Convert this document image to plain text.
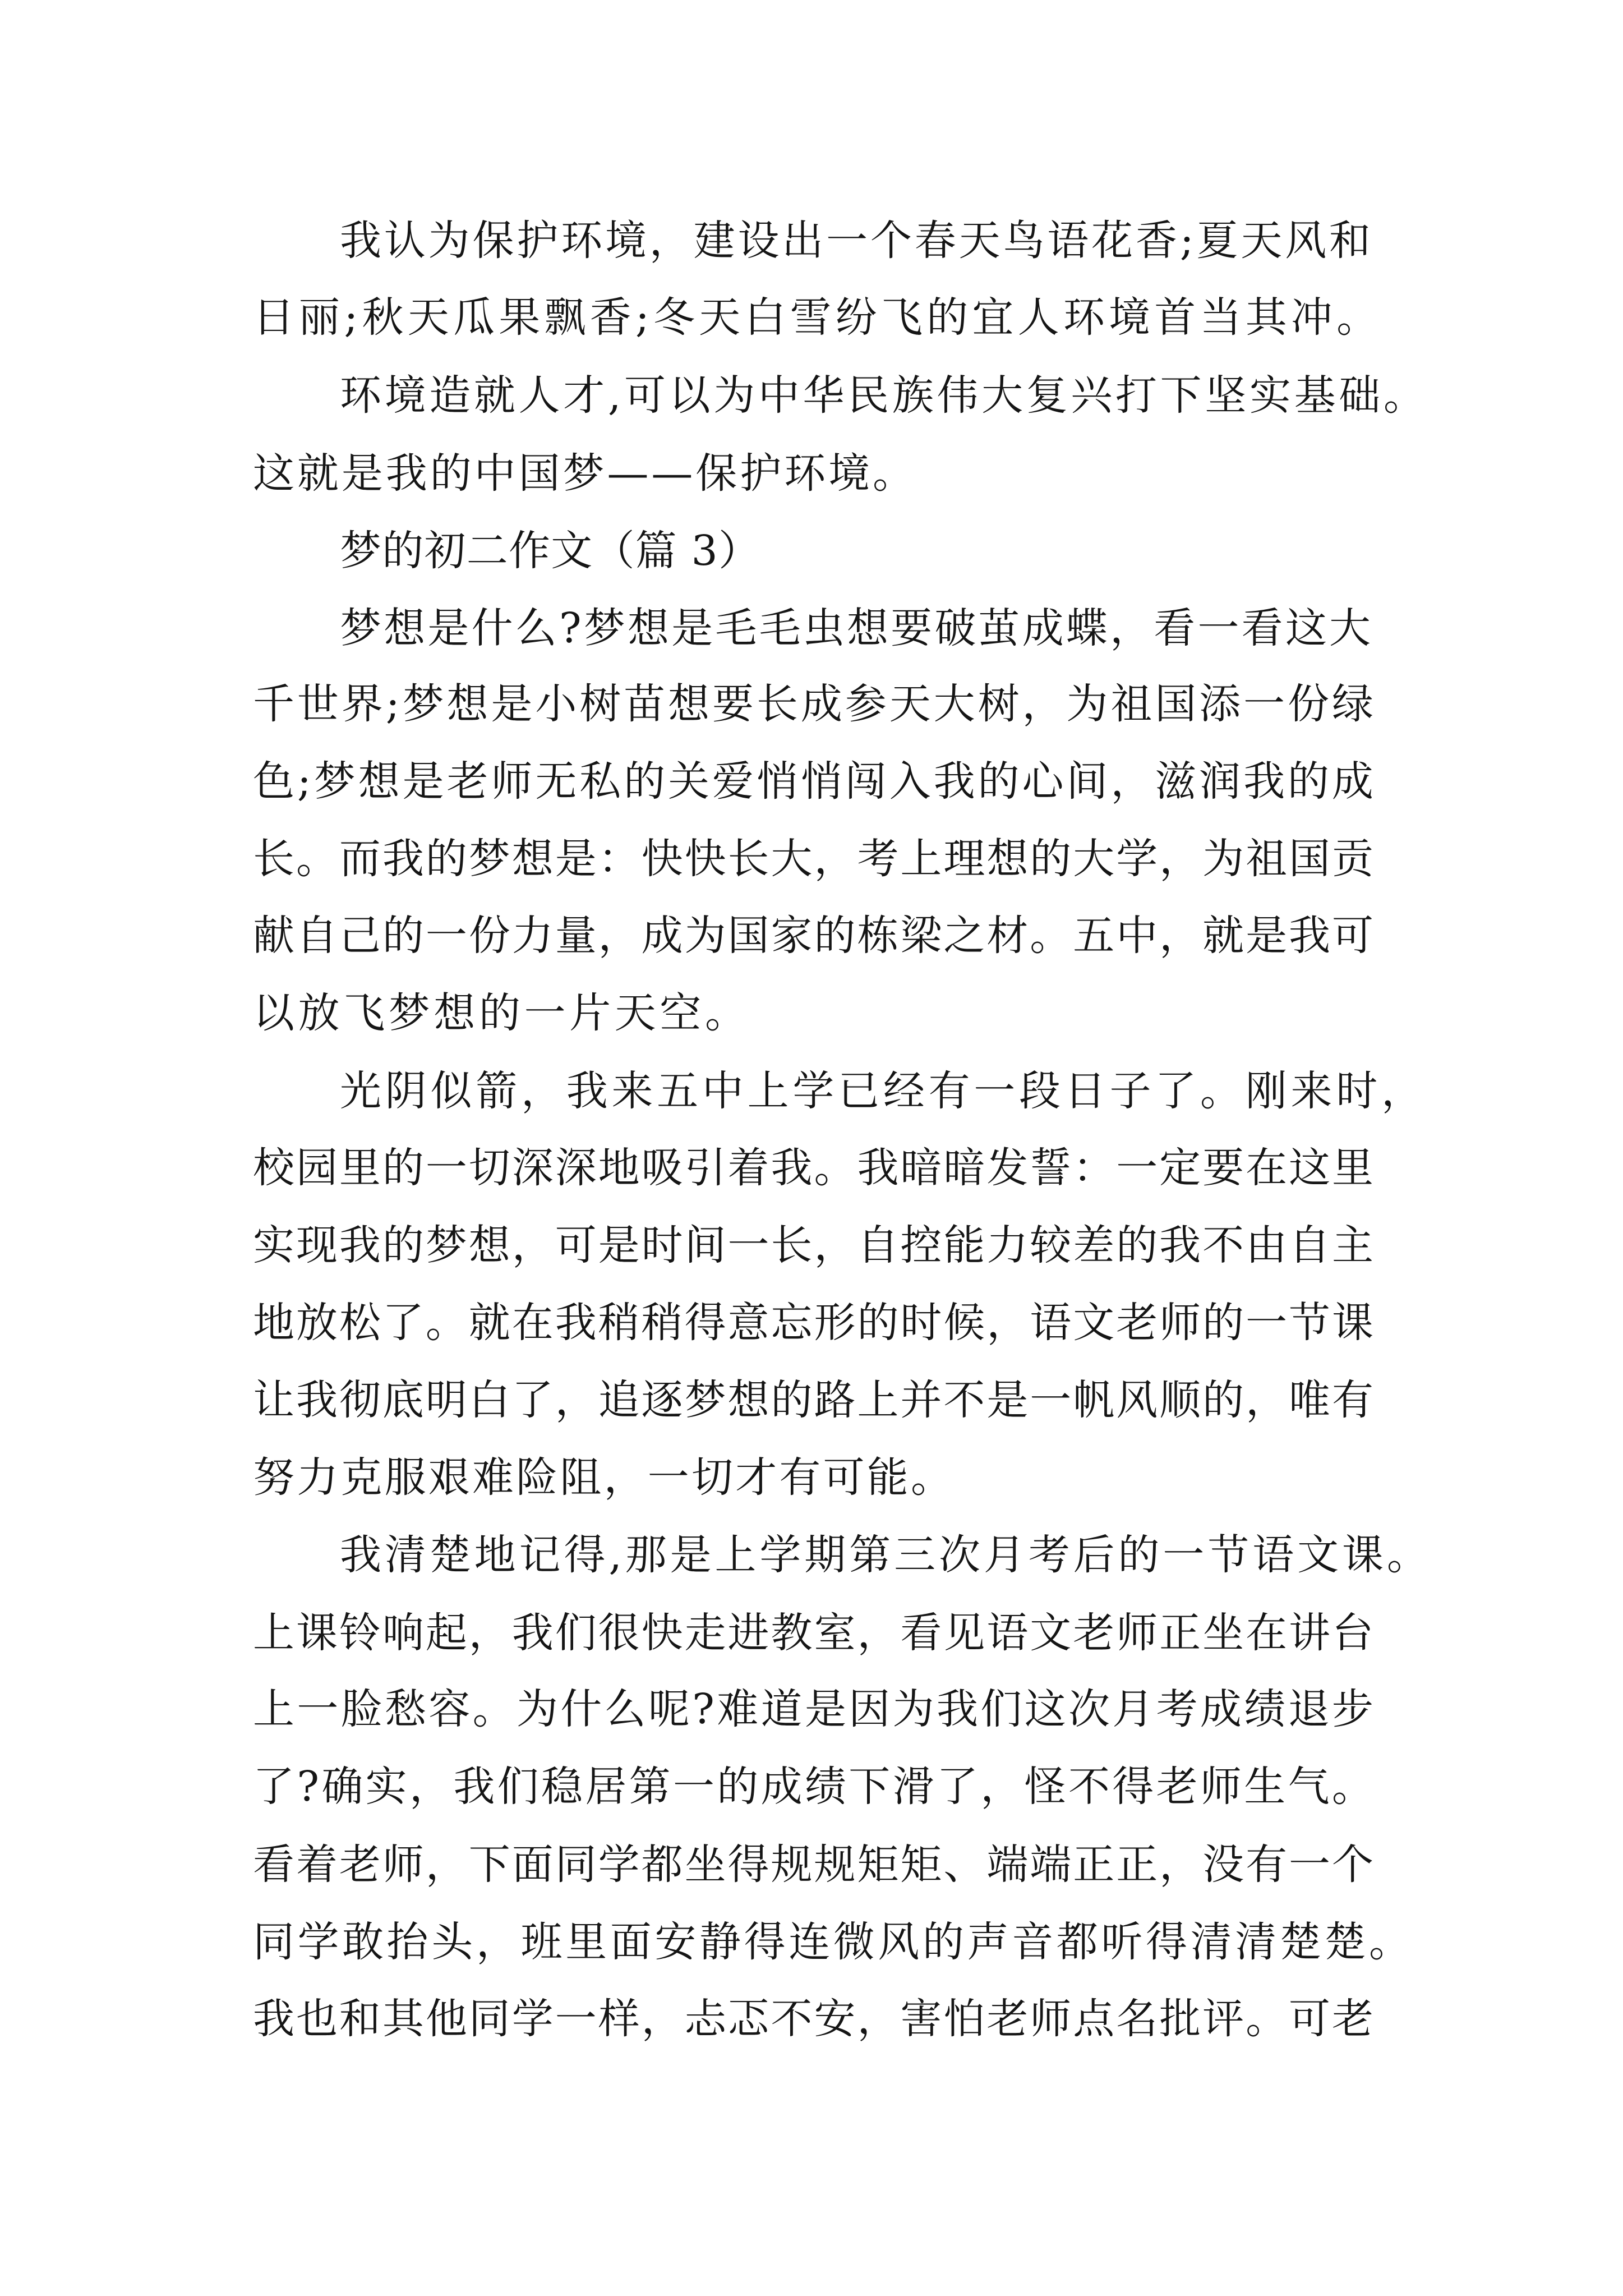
我认为保护环境，建设出一个春天鸟语花香;夏天风和
日丽;秋天瓜果飘香;冬天白雪纷飞的宜人环境首当其冲。
环境造就人才,可以为中华民族伟大复兴打下坚实基础。
这就是我的中国梦——保护环境。
梦的初二作文（篇 3）
梦想是什么?梦想是毛毛虫想要破茧成蝶，看一看这大
千世界;梦想是小树苗想要长成参天大树，为祖国添一份绿
色;梦想是老师无私的关爱悄悄闯入我的心间，滋润我的成
长。而我的梦想是：快快长大，考上理想的大学，为祖国贡
献自己的一份力量，成为国家的栋梁之材。五中，就是我可
以放飞梦想的一片天空。
光阴似箭，我来五中上学已经有一段日子了。刚来时，
校园里的一切深深地吸引着我。我暗暗发誓：一定要在这里
实现我的梦想，可是时间一长，自控能力较差的我不由自主
地放松了。就在我稍稍得意忘形的时候，语文老师的一节课
让我彻底明白了，追逐梦想的路上并不是一帆风顺的，唯有
努力克服艰难险阻，一切才有可能。
我清楚地记得,那是上学期第三次月考后的一节语文课。
上课铃响起，我们很快走进教室，看见语文老师正坐在讲台
上一脸愁容。为什么呢?难道是因为我们这次月考成绩退步
了?确实，我们稳居第一的成绩下滑了，怪不得老师生气。
看着老师，下面同学都坐得规规矩矩、端端正正，没有一个
同学敢抬头，班里面安静得连微风的声音都听得清清楚楚。
我也和其他同学一样，忐忑不安，害怕老师点名批评。可老
